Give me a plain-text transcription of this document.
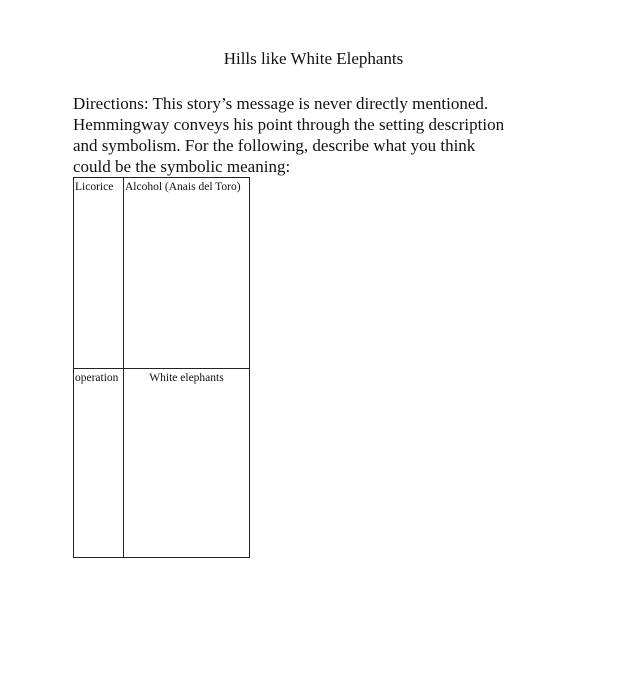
Hills like White Elephants

Directions: This story’s message is never directly mentioned.
Hemmingway conveys his point through the setting description
and symbolism. For the following, describe what you think
could be the symbolic meaning:

Licorice	Alcohol (Anais del Toro)
operation	White elephants
